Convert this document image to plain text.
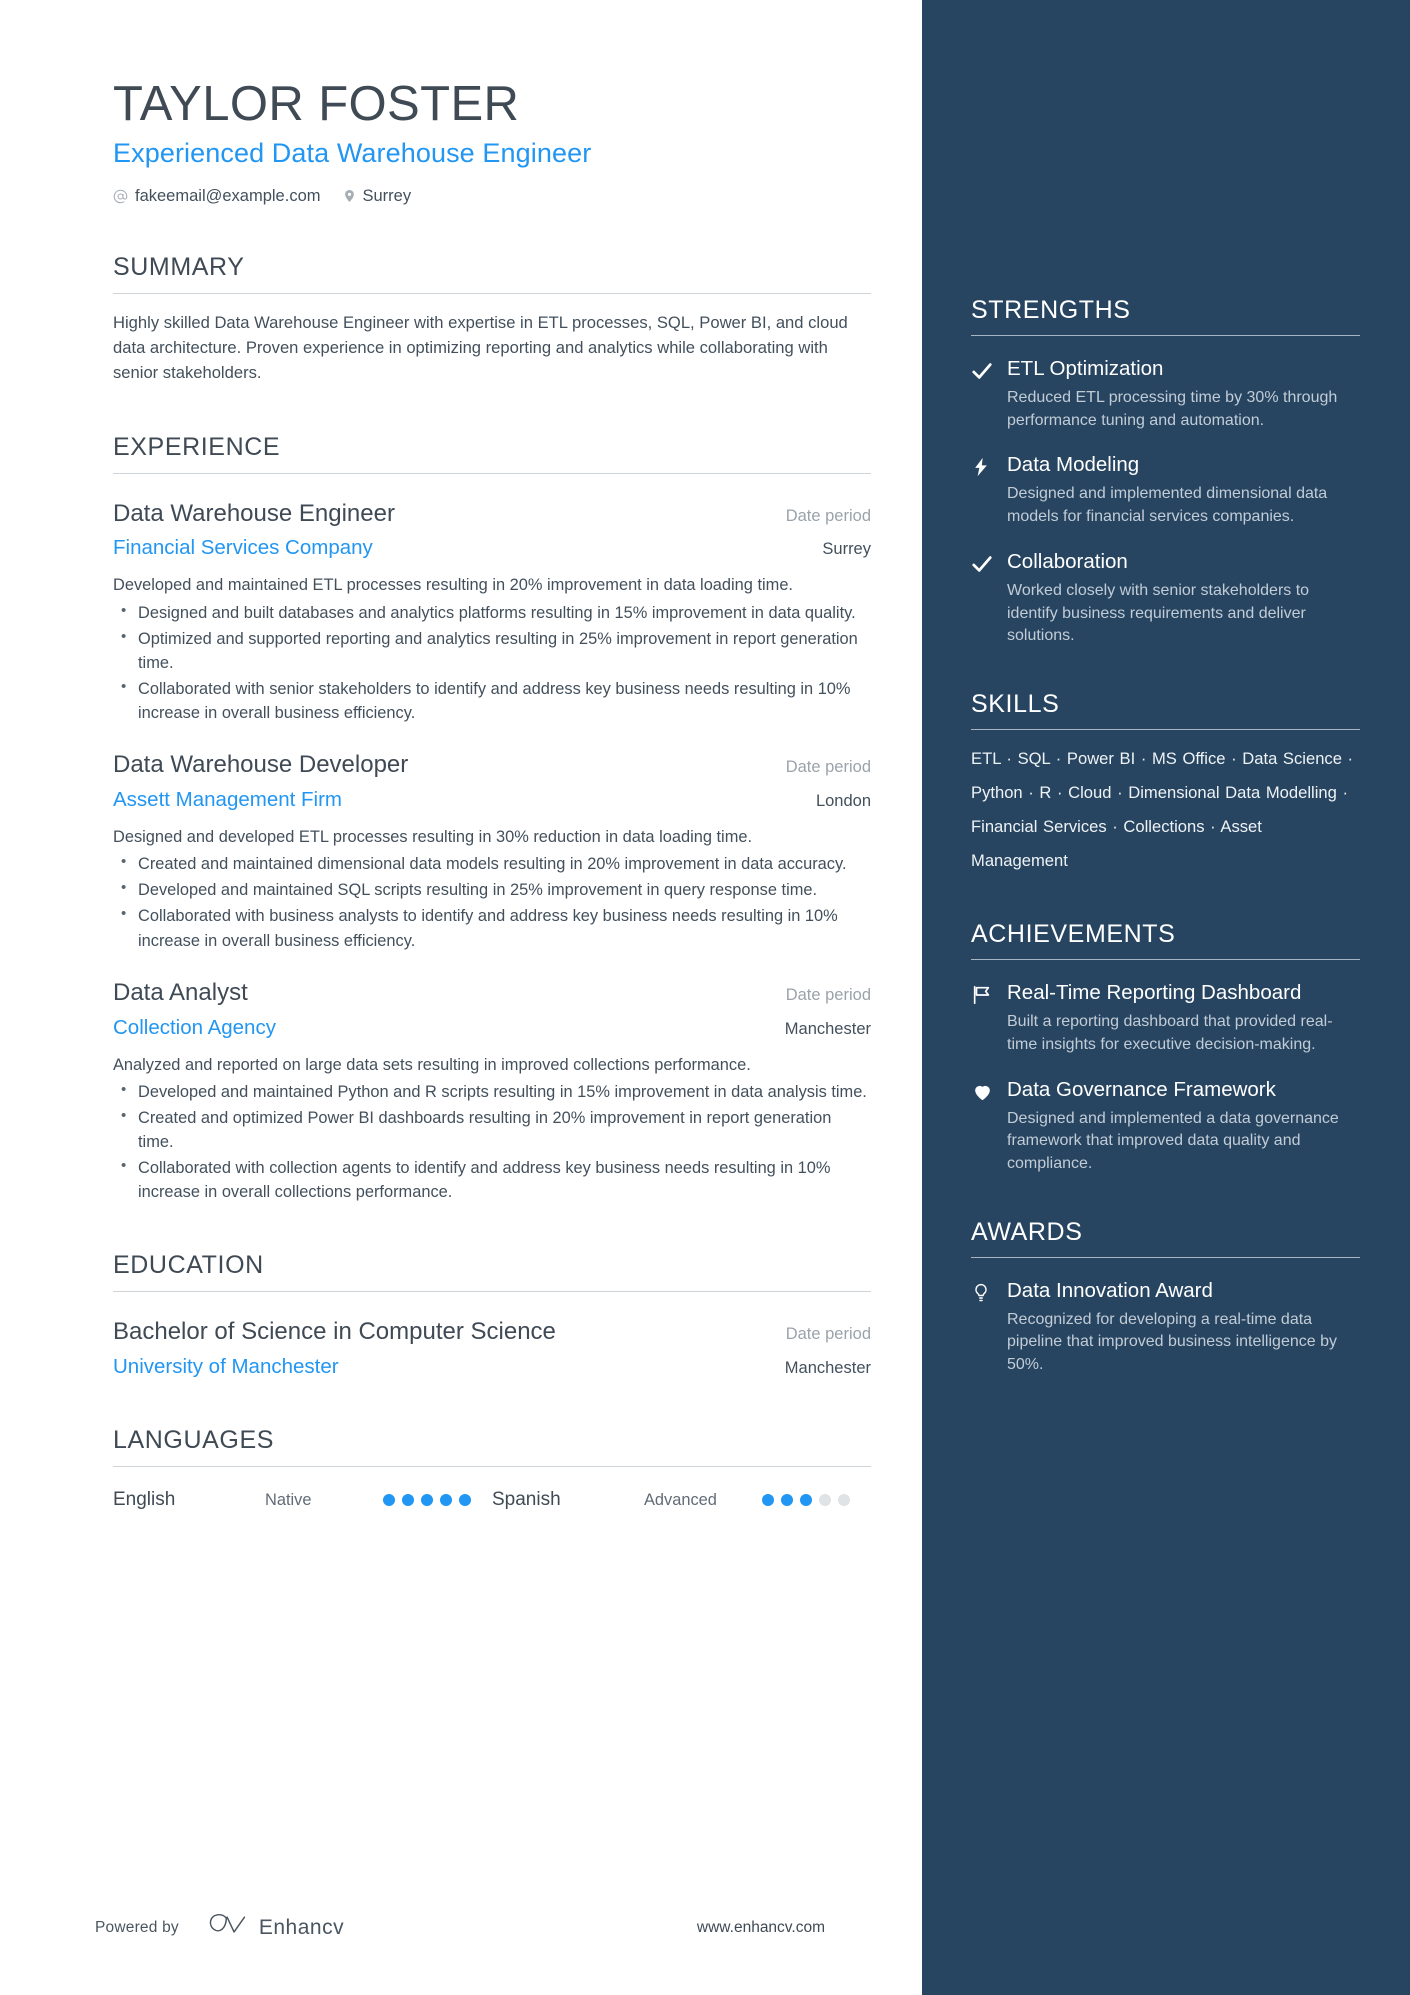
TAYLOR FOSTER
Experienced Data Warehouse Engineer
fakeemail@example.com	Surrey
SUMMARY

Highly skilled Data Warehouse Engineer with expertise in ETL processes, SQL, Power BI, and cloud data architecture. Proven experience in optimizing reporting and analytics while collaborating with senior stakeholders.

EXPERIENCE
Data Warehouse Engineer	Date period
Financial Services Company	Surrey

Developed and maintained ETL processes resulting in 20% improvement in data loading time.

• Designed and built databases and analytics platforms resulting in 15% improvement in data quality.
• Optimized and supported reporting and analytics resulting in 25% improvement in report generation time.
• Collaborated with senior stakeholders to identify and address key business needs resulting in 10% increase in overall business efficiency.
Data Warehouse Developer	Date period
Assett Management Firm	London

Designed and developed ETL processes resulting in 30% reduction in data loading time.

• Created and maintained dimensional data models resulting in 20% improvement in data accuracy.
• Developed and maintained SQL scripts resulting in 25% improvement in query response time.
• Collaborated with business analysts to identify and address key business needs resulting in 10% increase in overall business efficiency.
Data Analyst	Date period
Collection Agency	Manchester

Analyzed and reported on large data sets resulting in improved collections performance.

• Developed and maintained Python and R scripts resulting in 15% improvement in data analysis time.
• Created and optimized Power BI dashboards resulting in 20% improvement in report generation time.
• Collaborated with collection agents to identify and address key business needs resulting in 10% increase in overall collections performance.
EDUCATION
Bachelor of Science in Computer Science	Date period
University of Manchester	Manchester
LANGUAGES
English	Native	Spanish	Advanced
Powered by	Enhancv	www.enhancv.com
STRENGTHS
ETL Optimization
Reduced ETL processing time by 30% through performance tuning and automation.
Data Modeling
Designed and implemented dimensional data models for financial services companies.
Collaboration
Worked closely with senior stakeholders to identify business requirements and deliver solutions.
SKILLS
ETL · SQL · Power BI · MS Office · Data Science · Python · R · Cloud · Dimensional Data Modelling · Financial Services · Collections · Asset Management
ACHIEVEMENTS
Real-Time Reporting Dashboard
Built a reporting dashboard that provided real-time insights for executive decision-making.
Data Governance Framework
Designed and implemented a data governance framework that improved data quality and compliance.
AWARDS
Data Innovation Award
Recognized for developing a real-time data pipeline that improved business intelligence by 50%.
